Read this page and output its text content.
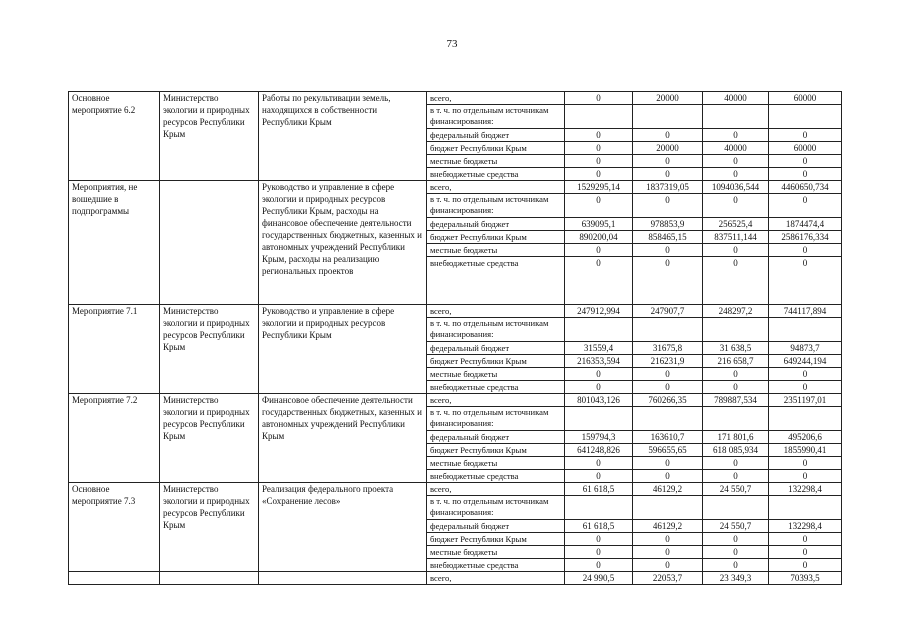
73
Основное мероприятие 6.2	Министерство экологии и природных ресурсов Республики Крым	Работы по рекультивации земель, находящихся в собственности Республики Крым	всего,	0	20000	40000	60000
			в т. ч. по отдельным источникам финансирования:				
			федеральный бюджет	0	0	0	0
			бюджет Республики Крым	0	20000	40000	60000
			местные бюджеты	0	0	0	0
			внебюджетные средства	0	0	0	0
Мероприятия, не вошедшие в подпрограммы		Руководство и управление в сфере экологии и природных ресурсов Республики Крым, расходы на финансовое обеспечение деятельности государственных бюджетных, казенных и автономных учреждений Республики Крым, расходы на реализацию региональных проектов	всего,	1529295,14	1837319,05	1094036,544	4460650,734
			в т. ч. по отдельным источникам финансирования:	0	0	0	0
			федеральный бюджет	639095,1	978853,9	256525,4	1874474,4
			бюджет Республики Крым	890200,04	858465,15	837511,144	2586176,334
			местные бюджеты	0	0	0	0
			внебюджетные средства	0	0	0	0
Мероприятие 7.1	Министерство экологии и природных ресурсов Республики Крым	Руководство и управление в сфере экологии и природных ресурсов Республики Крым	всего,	247912,994	247907,7	248297,2	744117,894
			в т. ч. по отдельным источникам финансирования:				
			федеральный бюджет	31559,4	31675,8	31 638,5	94873,7
			бюджет Республики Крым	216353,594	216231,9	216 658,7	649244,194
			местные бюджеты	0	0	0	0
			внебюджетные средства	0	0	0	0
Мероприятие 7.2	Министерство экологии и природных ресурсов Республики Крым	Финансовое обеспечение деятельности государственных бюджетных, казенных и автономных учреждений Республики Крым	всего,	801043,126	760266,35	789887,534	2351197,01
			в т. ч. по отдельным источникам финансирования:				
			федеральный бюджет	159794,3	163610,7	171 801,6	495206,6
			бюджет Республики Крым	641248,826	596655,65	618 085,934	1855990,41
			местные бюджеты	0	0	0	0
			внебюджетные средства	0	0	0	0
Основное мероприятие 7.3	Министерство экологии и природных ресурсов Республики Крым	Реализация федерального проекта «Сохранение лесов»	всего,	61 618,5	46129,2	24 550,7	132298,4
			в т. ч. по отдельным источникам финансирования:				
			федеральный бюджет	61 618,5	46129,2	24 550,7	132298,4
			бюджет Республики Крым	0	0	0	0
			местные бюджеты	0	0	0	0
			внебюджетные средства	0	0	0	0
			всего,	24 990,5	22053,7	23 349,3	70393,5
